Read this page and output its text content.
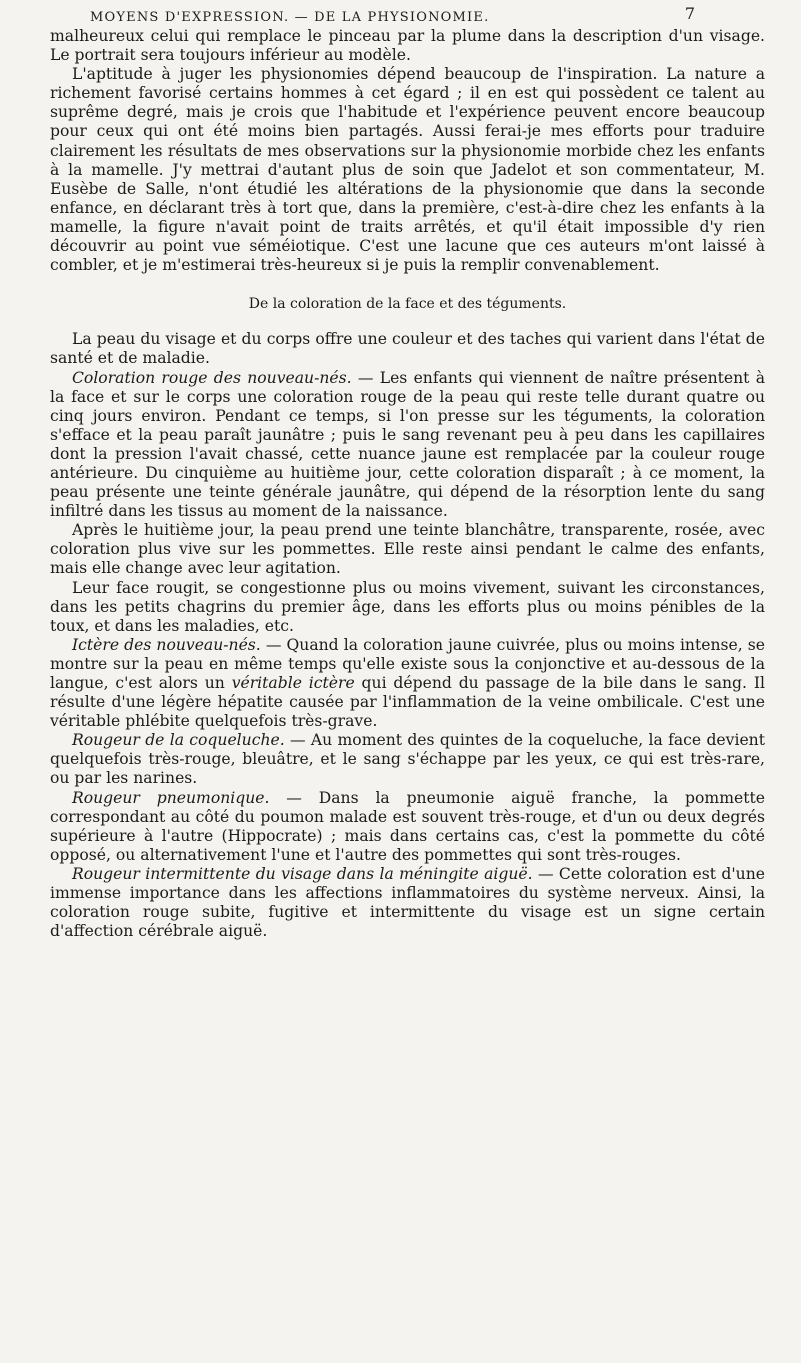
MOYENS D'EXPRESSION. — DE LA PHYSIONOMIE.	7

malheureux celui qui remplace le pinceau par la plume dans la description d'un visage. Le portrait sera toujours inférieur au modèle.

L'aptitude à juger les physionomies dépend beaucoup de l'inspiration. La nature a richement favorisé certains hommes à cet égard ; il en est qui possèdent ce talent au suprême degré, mais je crois que l'habitude et l'expérience peuvent encore beaucoup pour ceux qui ont été moins bien partagés. Aussi ferai-je mes efforts pour traduire clairement les résultats de mes observations sur la physionomie morbide chez les enfants à la mamelle. J'y mettrai d'autant plus de soin que Jadelot et son commentateur, M. Eusèbe de Salle, n'ont étudié les altérations de la physionomie que dans la seconde enfance, en déclarant très à tort que, dans la première, c'est-à-dire chez les enfants à la mamelle, la figure n'avait point de traits arrêtés, et qu'il était impossible d'y rien découvrir au point vue séméiotique. C'est une lacune que ces auteurs m'ont laissé à combler, et je m'estimerai très-heureux si je puis la remplir convenablement.

De la coloration de la face et des téguments.

La peau du visage et du corps offre une couleur et des taches qui varient dans l'état de santé et de maladie.

Coloration rouge des nouveau-nés. — Les enfants qui viennent de naître présentent à la face et sur le corps une coloration rouge de la peau qui reste telle durant quatre ou cinq jours environ. Pendant ce temps, si l'on presse sur les téguments, la coloration s'efface et la peau paraît jaunâtre ; puis le sang revenant peu à peu dans les capillaires dont la pression l'avait chassé, cette nuance jaune est remplacée par la couleur rouge antérieure. Du cinquième au huitième jour, cette coloration disparaît ; à ce moment, la peau présente une teinte générale jaunâtre, qui dépend de la résorption lente du sang infiltré dans les tissus au moment de la naissance.

Après le huitième jour, la peau prend une teinte blanchâtre, transparente, rosée, avec coloration plus vive sur les pommettes. Elle reste ainsi pendant le calme des enfants, mais elle change avec leur agitation.

Leur face rougit, se congestionne plus ou moins vivement, suivant les circonstances, dans les petits chagrins du premier âge, dans les efforts plus ou moins pénibles de la toux, et dans les maladies, etc.

Ictère des nouveau-nés. — Quand la coloration jaune cuivrée, plus ou moins intense, se montre sur la peau en même temps qu'elle existe sous la conjonctive et au-dessous de la langue, c'est alors un véritable ictère qui dépend du passage de la bile dans le sang. Il résulte d'une légère hépatite causée par l'inflammation de la veine ombilicale. C'est une véritable phlébite quelquefois très-grave.

Rougeur de la coqueluche. — Au moment des quintes de la coqueluche, la face devient quelquefois très-rouge, bleuâtre, et le sang s'échappe par les yeux, ce qui est très-rare, ou par les narines.

Rougeur pneumonique. — Dans la pneumonie aiguë franche, la pommette correspondant au côté du poumon malade est souvent très-rouge, et d'un ou deux degrés supérieure à l'autre (Hippocrate) ; mais dans certains cas, c'est la pommette du côté opposé, ou alternativement l'une et l'autre des pommettes qui sont très-rouges.

Rougeur intermittente du visage dans la méningite aiguë. — Cette coloration est d'une immense importance dans les affections inflammatoires du système nerveux. Ainsi, la coloration rouge subite, fugitive et intermittente du visage est un signe certain d'affection cérébrale aiguë.
